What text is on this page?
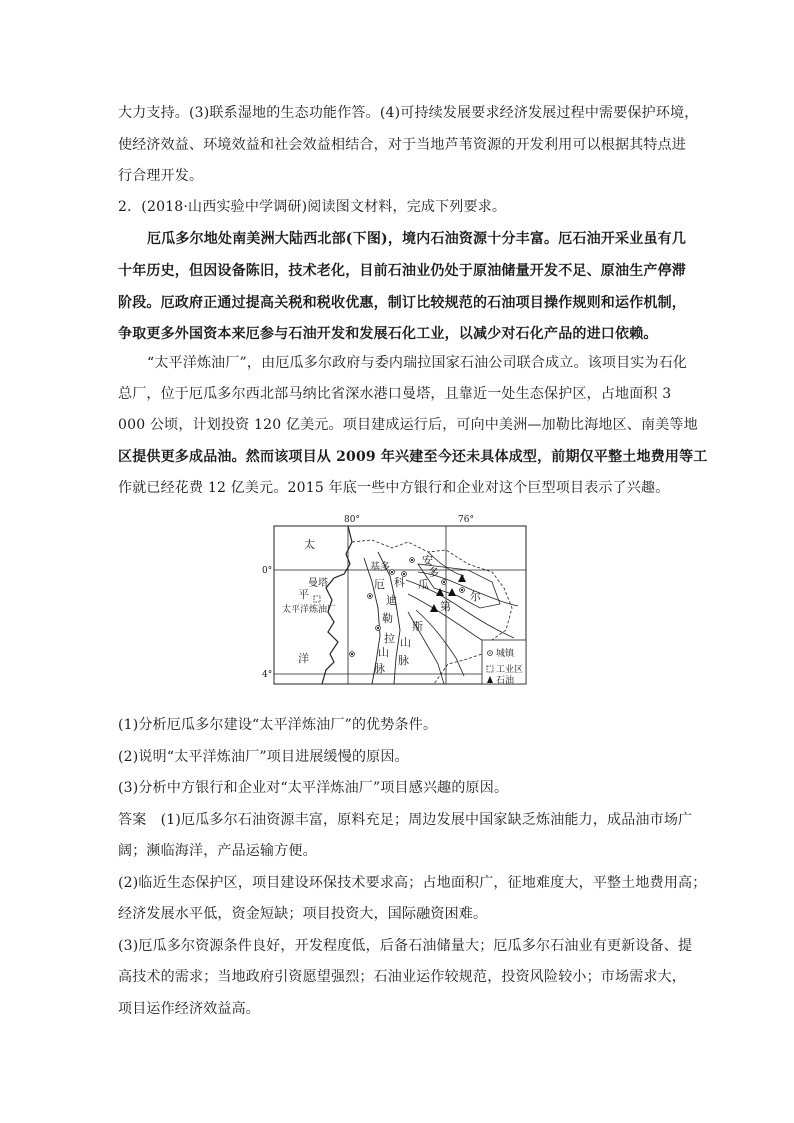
大力支持。(3)联系湿地的生态功能作答。(4)可持续发展要求经济发展过程中需要保护环境，
使经济效益、环境效益和社会效益相结合，对于当地芦苇资源的开发利用可以根据其特点进
行合理开发。
2．(2018·山西实验中学调研)阅读图文材料，完成下列要求。
厄瓜多尔地处南美洲大陆西北部(下图)，境内石油资源十分丰富。厄石油开采业虽有几
十年历史，但因设备陈旧，技术老化，目前石油业仍处于原油储量开发不足、原油生产停滞
阶段。厄政府正通过提高关税和税收优惠，制订比较规范的石油项目操作规则和运作机制，
争取更多外国资本来厄参与石油开发和发展石化工业，以减少对石化产品的进口依赖。
“太平洋炼油厂”，由厄瓜多尔政府与委内瑞拉国家石油公司联合成立。该项目实为石化
总厂，位于厄瓜多尔西北部马纳比省深水港口曼塔，且靠近一处生态保护区，占地面积 3
000 公顷，计划投资 120 亿美元。项目建成运行后，可向中美洲—加勒比海地区、南美等地
区提供更多成品油。然而该项目从 2009 年兴建至今还未具体成型，前期仅平整土地费用等工
作就已经花费 12 亿美元。2015 年底一些中方银行和企业对这个巨型项目表示了兴趣。
80°	76°
0°
4°
太
平
洋
曼塔
太平洋炼油厂
基多
厄 科
迪
勒
拉
山
脉
斯
山
脉
安
瓜
多
第
尔
城镇
工业区
石油
(1)分析厄瓜多尔建设“太平洋炼油厂”的优势条件。
(2)说明“太平洋炼油厂”项目进展缓慢的原因。
(3)分析中方银行和企业对“太平洋炼油厂”项目感兴趣的原因。
答案　(1)厄瓜多尔石油资源丰富，原料充足；周边发展中国家缺乏炼油能力，成品油市场广
阔；濒临海洋，产品运输方便。
(2)临近生态保护区，项目建设环保技术要求高；占地面积广，征地难度大，平整土地费用高；
经济发展水平低，资金短缺；项目投资大，国际融资困难。
(3)厄瓜多尔资源条件良好，开发程度低，后备石油储量大；厄瓜多尔石油业有更新设备、提
高技术的需求；当地政府引资愿望强烈；石油业运作较规范，投资风险较小；市场需求大，
项目运作经济效益高。
